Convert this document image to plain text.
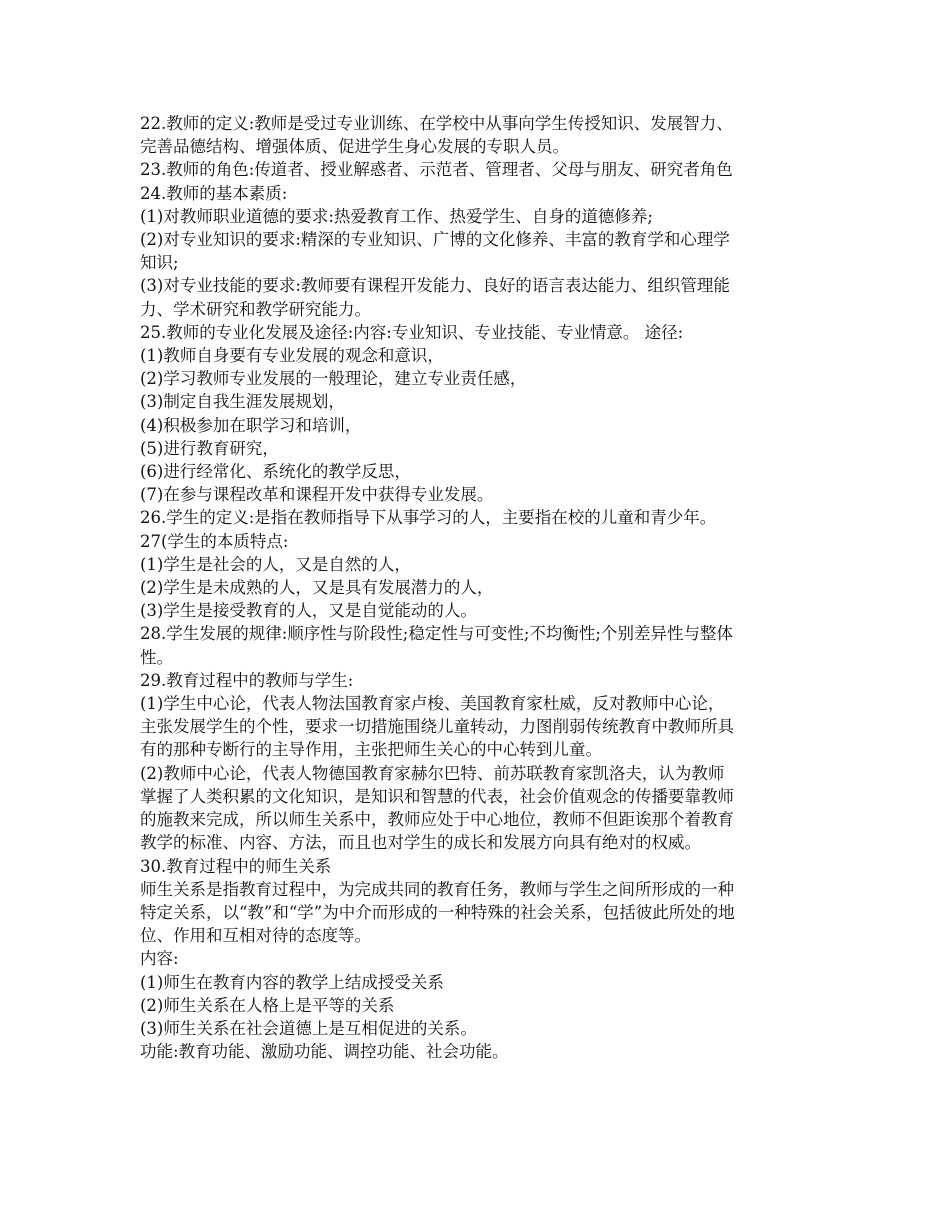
22.教师的定义:教师是受过专业训练、在学校中从事向学生传授知识、发展智力、
完善品德结构、增强体质、促进学生身心发展的专职人员。
23.教师的角色:传道者、授业解惑者、示范者、管理者、父母与朋友、研究者角色
24.教师的基本素质:
(1)对教师职业道德的要求:热爱教育工作、热爱学生、自身的道德修养;
(2)对专业知识的要求:精深的专业知识、广博的文化修养、丰富的教育学和心理学
知识;
(3)对专业技能的要求:教师要有课程开发能力、良好的语言表达能力、组织管理能
力、学术研究和教学研究能力。
25.教师的专业化发展及途径:内容:专业知识、专业技能、专业情意。 途径:
(1)教师自身要有专业发展的观念和意识，
(2)学习教师专业发展的一般理论，建立专业责任感，
(3)制定自我生涯发展规划，
(4)积极参加在职学习和培训，
(5)进行教育研究，
(6)进行经常化、系统化的教学反思，
(7)在参与课程改革和课程开发中获得专业发展。
26.学生的定义:是指在教师指导下从事学习的人，主要指在校的儿童和青少年。
27(学生的本质特点:
(1)学生是社会的人，又是自然的人，
(2)学生是未成熟的人，又是具有发展潜力的人，
(3)学生是接受教育的人，又是自觉能动的人。
28.学生发展的规律:顺序性与阶段性;稳定性与可变性;不均衡性;个别差异性与整体
性。
29.教育过程中的教师与学生:
(1)学生中心论，代表人物法国教育家卢梭、美国教育家杜威，反对教师中心论，
主张发展学生的个性，要求一切措施围绕儿童转动，力图削弱传统教育中教师所具
有的那种专断行的主导作用，主张把师生关心的中心转到儿童。
(2)教师中心论，代表人物德国教育家赫尔巴特、前苏联教育家凯洛夫，认为教师
掌握了人类积累的文化知识，是知识和智慧的代表，社会价值观念的传播要靠教师
的施教来完成，所以师生关系中，教师应处于中心地位，教师不但距诶那个着教育
教学的标准、内容、方法，而且也对学生的成长和发展方向具有绝对的权威。
30.教育过程中的师生关系
师生关系是指教育过程中，为完成共同的教育任务，教师与学生之间所形成的一种
特定关系，以“教”和“学”为中介而形成的一种特殊的社会关系，包括彼此所处的地
位、作用和互相对待的态度等。
内容:
(1)师生在教育内容的教学上结成授受关系
(2)师生关系在人格上是平等的关系
(3)师生关系在社会道德上是互相促进的关系。
功能:教育功能、激励功能、调控功能、社会功能。
